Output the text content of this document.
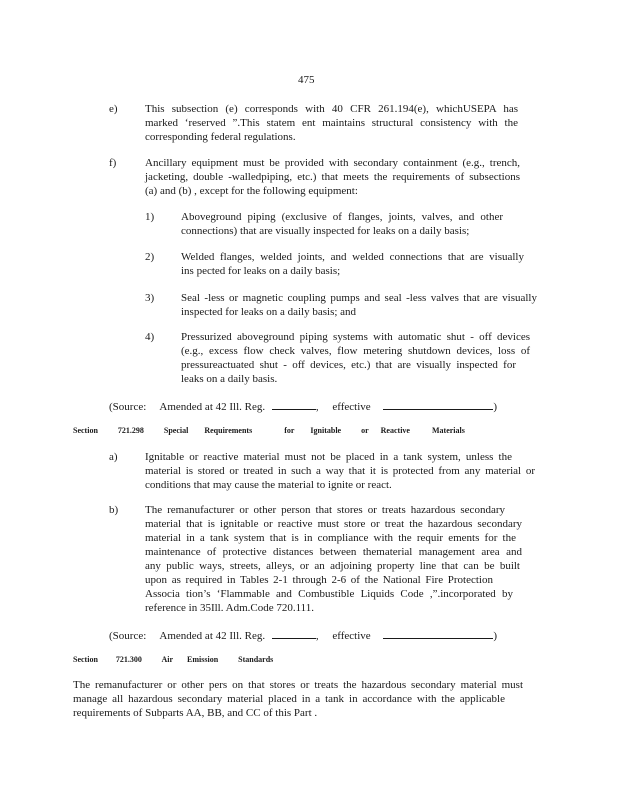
475
e) This subsection (e) corresponds with 40 CFR 261.194(e), whichUSEPA has
marked ‘reserved ”.This statem ent maintains structural consistency with the
corresponding federal regulations.
f)	Ancillary equipment must be provided with secondary containment (e.g., trench,
jacketing, double -walledpiping, etc.) that meets the requirements of subsections
(a) and (b) , except for the following equipment:
1) Aboveground piping (exclusive of flanges, joints, valves, and other
connections) that are visually inspected for leaks on a daily basis;
2) Welded flanges, welded joints, and welded connections that are visually
ins pected for leaks on a daily basis;
3) Seal -less or magnetic coupling pumps and seal -less valves that are visually
inspected for leaks on a daily basis; and
4) Pressurized aboveground piping systems with automatic shut - off devices
(e.g., excess flow check valves, flow metering shutdown devices, loss of
pressureactuated shut - off devices, etc.) that are visually inspected for
leaks on a daily basis.
(Source: Amended at 42 Ill. Reg.	, effective	)
Section	721.298	Special Requirements	for Ignitable	or Reactive	Materials
a) Ignitable or reactive material must not be placed in a tank system, unless the
material is stored or treated in such a way that it is protected from any material or
conditions that may cause the material to ignite or react.
b) The remanufacturer or other person that stores or treats hazardous secondary
material that is ignitable or reactive must store or treat the hazardous secondary
material in a tank system that is in compliance with the requir ements for the
maintenance of protective distances between thematerial management area and
any public ways, streets, alleys, or an adjoining property line that can be built
upon as required in Tables 2-1 through 2-6 of the National Fire Protection
Associa tion’s ‘Flammable and Combustible Liquids Code ,”.incorporated by
reference in 35Ill. Adm.Code 720.111.
(Source: Amended at 42 Ill. Reg.	, effective	)
Section 721.300 Air Emission	Standards
The remanufacturer or other pers on that stores or treats the hazardous secondary material must
manage all hazardous secondary material placed in a tank in accordance with the applicable
requirements of Subparts AA, BB, and CC of this Part .
